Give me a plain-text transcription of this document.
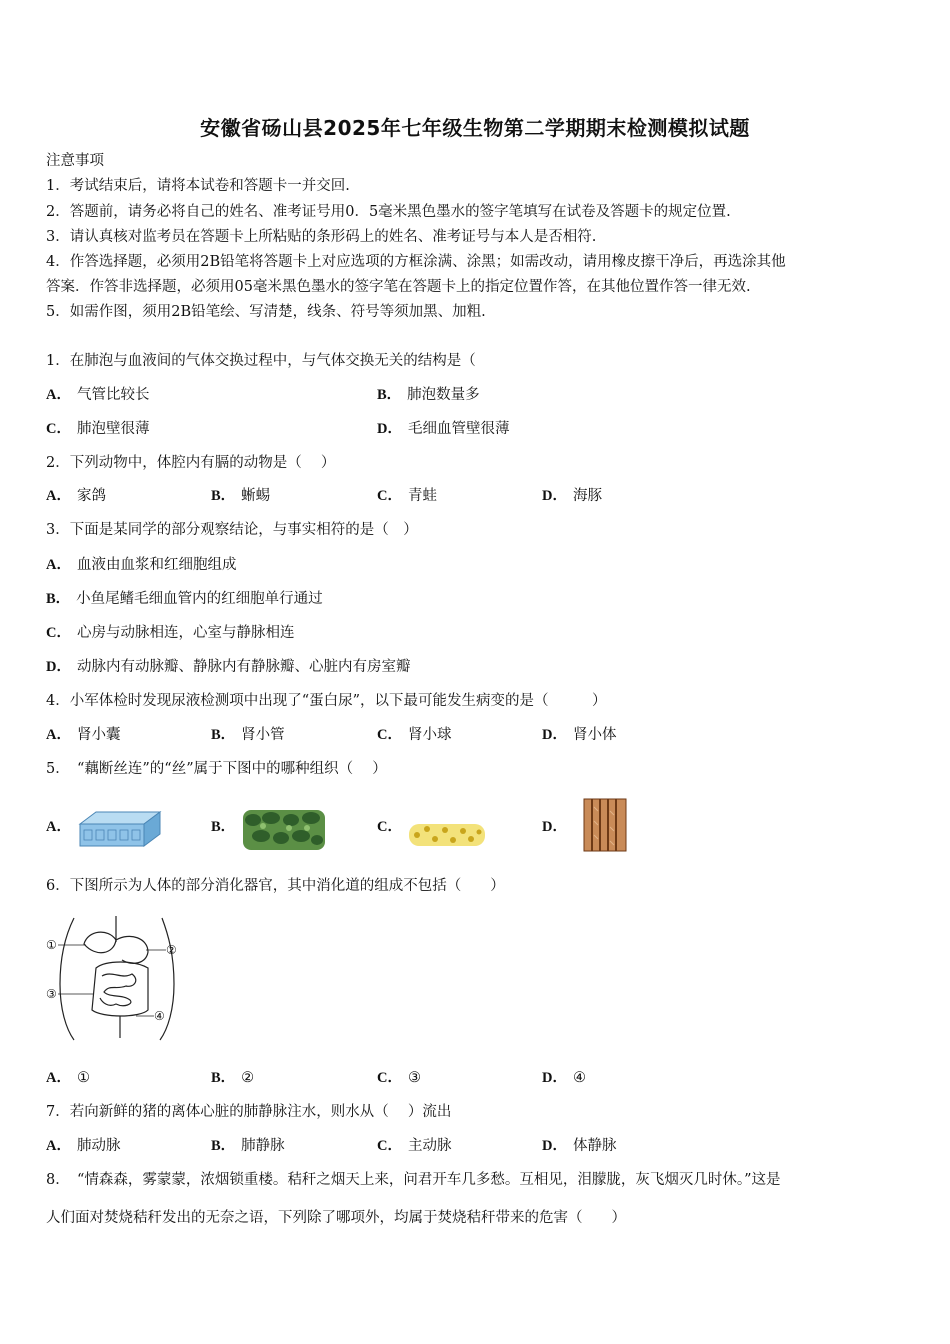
安徽省砀山县2025年七年级生物第二学期期末检测模拟试题
注意事项
1．考试结束后，请将本试卷和答题卡一并交回.
2．答题前，请务必将自己的姓名、准考证号用0．5毫米黑色墨水的签字笔填写在试卷及答题卡的规定位置.
3．请认真核对监考员在答题卡上所粘贴的条形码上的姓名、准考证号与本人是否相符.
4．作答选择题，必须用2B铅笔将答题卡上对应选项的方框涂满、涂黑；如需改动，请用橡皮擦干净后，再选涂其他
答案．作答非选择题，必须用05毫米黑色墨水的签字笔在答题卡上的指定位置作答，在其他位置作答一律无效.
5．如需作图，须用2B铅笔绘、写清楚，线条、符号等须加黑、加粗.
1．在肺泡与血液间的气体交换过程中，与气体交换无关的结构是（
A． 气管比较长	B． 肺泡数量多
C． 肺泡壁很薄	D． 毛细血管壁很薄
2．下列动物中，体腔内有膈的动物是（　 ）
A． 家鸽	B． 蜥蜴	C． 青蛙	D． 海豚
3．下面是某同学的部分观察结论，与事实相符的是（　）
A． 血液由血浆和红细胞组成
B． 小鱼尾鳍毛细血管内的红细胞单行通过
C． 心房与动脉相连，心室与静脉相连
D． 动脉内有动脉瓣、静脉内有静脉瓣、心脏内有房室瓣
4．小军体检时发现尿液检测项中出现了“蛋白尿”，以下最可能发生病变的是（　　　）
A． 肾小囊	B． 肾小管	C． 肾小球	D． 肾小体
5．　“藕断丝连”的“丝”属于下图中的哪种组织（　 ）
A．	B．	C．	D．
6．下图所示为人体的部分消化器官，其中消化道的组成不包括（　　）
①	②
③
④
A． ①	B． ②	C． ③	D． ④
7．若向新鲜的猪的离体心脏的肺静脉注水，则水从（　 ）流出
A． 肺动脉	B． 肺静脉	C． 主动脉	D． 体静脉
8．　“情森森，雾蒙蒙，浓烟锁重楼。秸秆之烟天上来，问君开车几多愁。互相见，泪朦胧，灰飞烟灭几时休。”这是
人们面对焚烧秸秆发出的无奈之语，下列除了哪项外，均属于焚烧秸秆带来的危害（　　）
